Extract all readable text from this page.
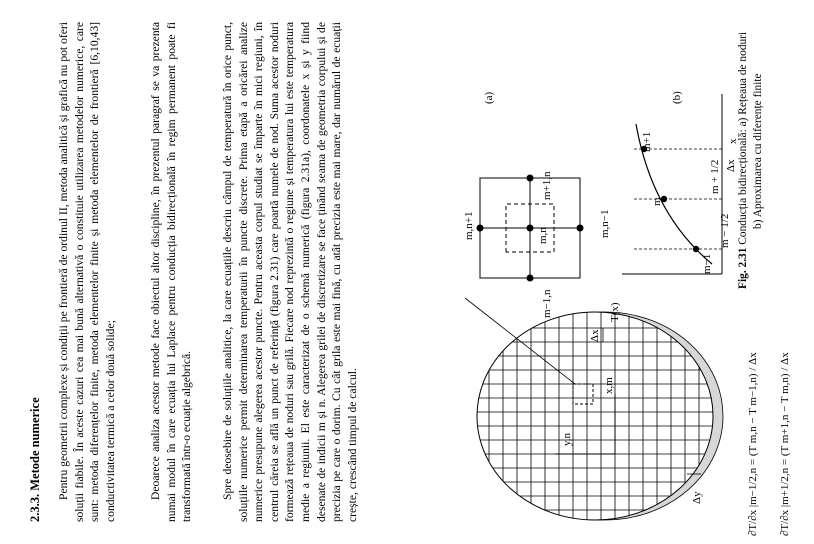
2.3.3. Metode numerice Pentru geometrii complexe și condiții pe frontieră de ordinul II, metoda analitică și grafică nu pot oferi soluții fiabile. În aceste cazuri cea mai bună alternativă o constituie utilizarea metodelor numerice, care sunt: metoda diferențelor finite, metoda elementelor finite și metoda elementelor de frontieră [6,10,43] conductivitatea termică a celor două solide;	Deoarece analiza acestor metode face obiectul altor discipline, în prezentul paragraf se va prezenta numai modul în care ecuația lui Laplace pentru conducția bidirecțională în regim permanent poate fi transformată într-o ecuație algebrică. Spre deosebire de soluțiile analitice, la care ecuațiile descriu câmpul de temperatură în orice punct, soluțiile numerice permit determinarea temperaturii în puncte discrete. Prima etapă a oricărei analize numerice presupune alegerea acestor puncte. Pentru aceasta corpul studiat se împarte în mici regiuni, în centrul căreia se află un punct de referință (figura 2.31) care poartă numele de nod. Suma acestor noduri formează rețeaua de noduri sau grilă. Fiecare nod reprezintă o regiune și temperatura lui este temperatura medie a regiunii. El este caracterizat de o schemă numerică (figura 2.31a), coordonatele x și y fiind desenate de indicii m și n. Alegerea grilei de discretizare se face ținând seama de geometria corpului și de precizia pe care o dorim. Cu cât grila este mai fină, cu atât precizia este mai mare, dar numărul de ecuații crește, crescând timpul de calcul.

Δx
Δy
y,n
x,m
(a)
m,n
m−1,n
m+1,n
m,n+1	m,n−1
(b)
T(x)
x
m−1
m
m+1
m − 1/2
m + 1/2 Δx
∂T/∂x |m−1/2,n = (T m,n − T m−1,n) / Δx
∂T/∂x |m+1/2,n = (T m+1,n − T m,n) / Δx
Fig. 2.31 Conducția bidirecțională: a) Rețeaua de noduri b) Aproximarea cu diferențe finite
